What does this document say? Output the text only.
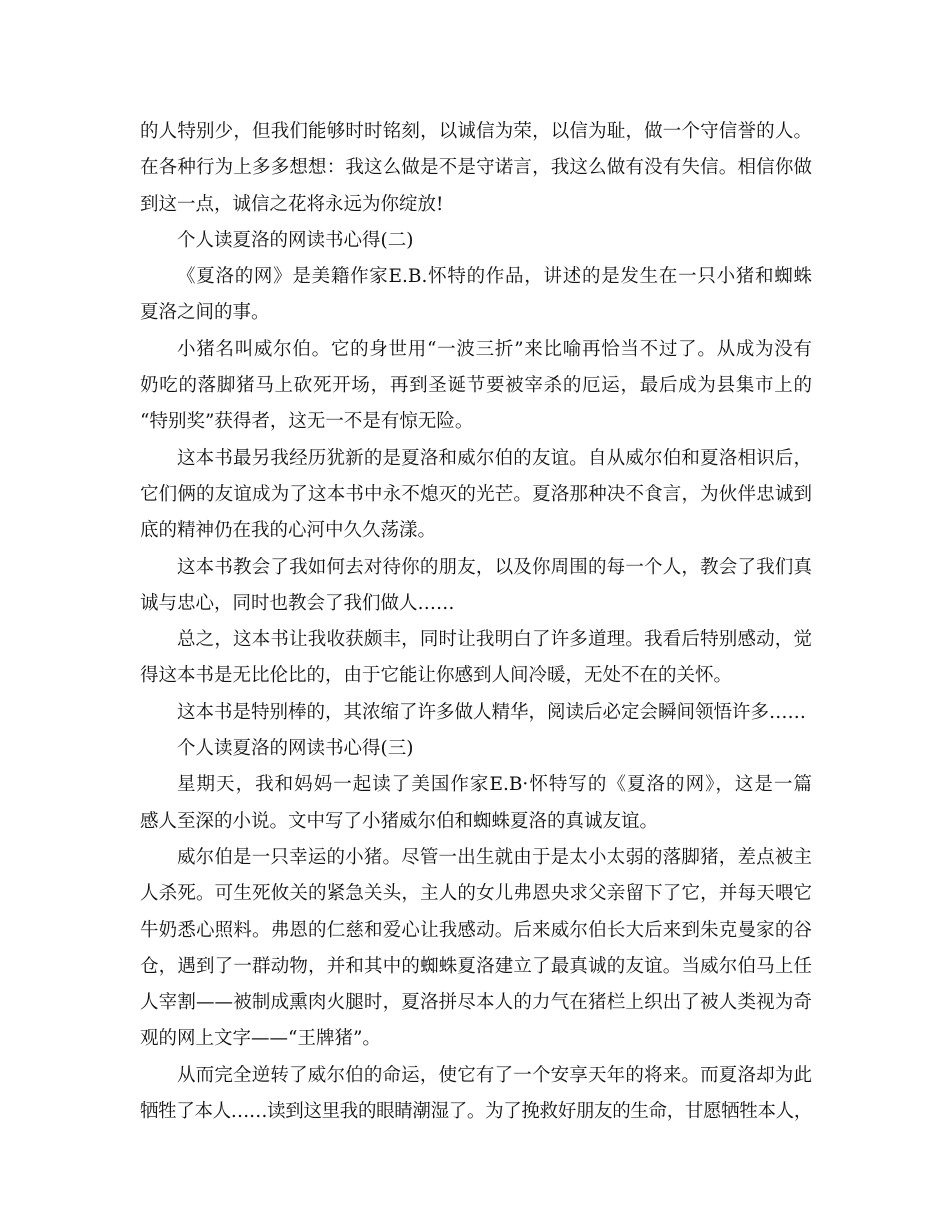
的人特别少，但我们能够时时铭刻，以诚信为荣，以信为耻，做一个守信誉的人。
在各种行为上多多想想：我这么做是不是守诺言，我这么做有没有失信。相信你做
到这一点，诚信之花将永远为你绽放!
个人读夏洛的网读书心得(二)
《夏洛的网》是美籍作家E.B.怀特的作品，讲述的是发生在一只小猪和蜘蛛
夏洛之间的事。
小猪名叫威尔伯。它的身世用“一波三折”来比喻再恰当不过了。从成为没有
奶吃的落脚猪马上砍死开场，再到圣诞节要被宰杀的厄运，最后成为县集市上的
“特别奖”获得者，这无一不是有惊无险。
这本书最另我经历犹新的是夏洛和威尔伯的友谊。自从威尔伯和夏洛相识后，
它们俩的友谊成为了这本书中永不熄灭的光芒。夏洛那种决不食言，为伙伴忠诚到
底的精神仍在我的心河中久久荡漾。
这本书教会了我如何去对待你的朋友，以及你周围的每一个人，教会了我们真
诚与忠心，同时也教会了我们做人……
总之，这本书让我收获颇丰，同时让我明白了许多道理。我看后特别感动，觉
得这本书是无比伦比的，由于它能让你感到人间冷暖，无处不在的关怀。
这本书是特别棒的，其浓缩了许多做人精华，阅读后必定会瞬间领悟许多……
个人读夏洛的网读书心得(三)
星期天，我和妈妈一起读了美国作家E.B·怀特写的《夏洛的网》，这是一篇
感人至深的小说。文中写了小猪威尔伯和蜘蛛夏洛的真诚友谊。
威尔伯是一只幸运的小猪。尽管一出生就由于是太小太弱的落脚猪，差点被主
人杀死。可生死攸关的紧急关头，主人的女儿弗恩央求父亲留下了它，并每天喂它
牛奶悉心照料。弗恩的仁慈和爱心让我感动。后来威尔伯长大后来到朱克曼家的谷
仓，遇到了一群动物，并和其中的蜘蛛夏洛建立了最真诚的友谊。当威尔伯马上任
人宰割——被制成熏肉火腿时，夏洛拼尽本人的力气在猪栏上织出了被人类视为奇
观的网上文字——“王牌猪”。
从而完全逆转了威尔伯的命运，使它有了一个安享天年的将来。而夏洛却为此
牺牲了本人……读到这里我的眼睛潮湿了。为了挽救好朋友的生命，甘愿牺牲本人，
